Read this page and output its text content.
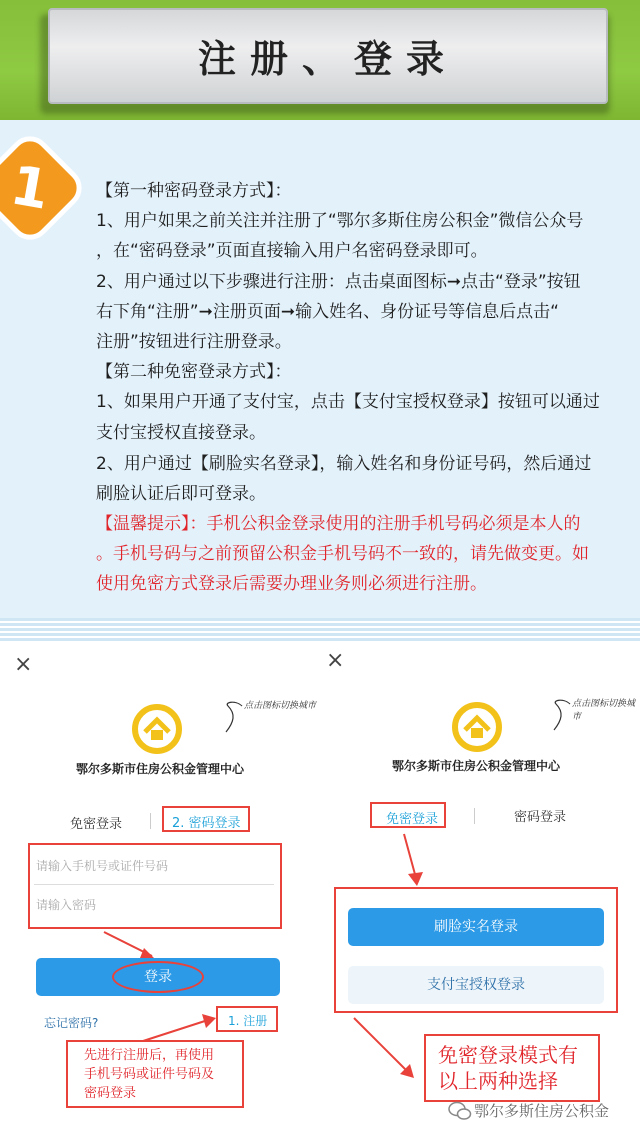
注册、登录
1 【第一种密码登录方式】：
1、用户如果之前关注并注册了“鄂尔多斯住房公积金”微信公众号
，在“密码登录”页面直接输入用户名密码登录即可。
2、用户通过以下步骤进行注册：点击桌面图标➞点击“登录”按钮
右下角“注册”➞注册页面➞输入姓名、身份证号等信息后点击“
注册”按钮进行注册登录。
【第二种免密登录方式】：
1、如果用户开通了支付宝，点击【支付宝授权登录】按钮可以通过
支付宝授权直接登录。
2、用户通过【刷脸实名登录】，输入姓名和身份证号码，然后通过
刷脸认证后即可登录。
【温馨提示】：手机公积金登录使用的注册手机号码必须是本人的
。手机号码与之前预留公积金手机号码不一致的，请先做变更。如
使用免密方式登录后需要办理业务则必须进行注册。
×
点击图标切换城市
鄂尔多斯市住房公积金管理中心
免密登录	2. 密码登录
请输入手机号或证件号码
请输入密码
登录
忘记密码?	1. 注册
先进行注册后，再使用
手机号码或证件号码及
密码登录
×
点击图标切换城市
鄂尔多斯市住房公积金管理中心
免密登录	密码登录
刷脸实名登录
支付宝授权登录
免密登录模式有
以上两种选择
鄂尔多斯住房公积金
